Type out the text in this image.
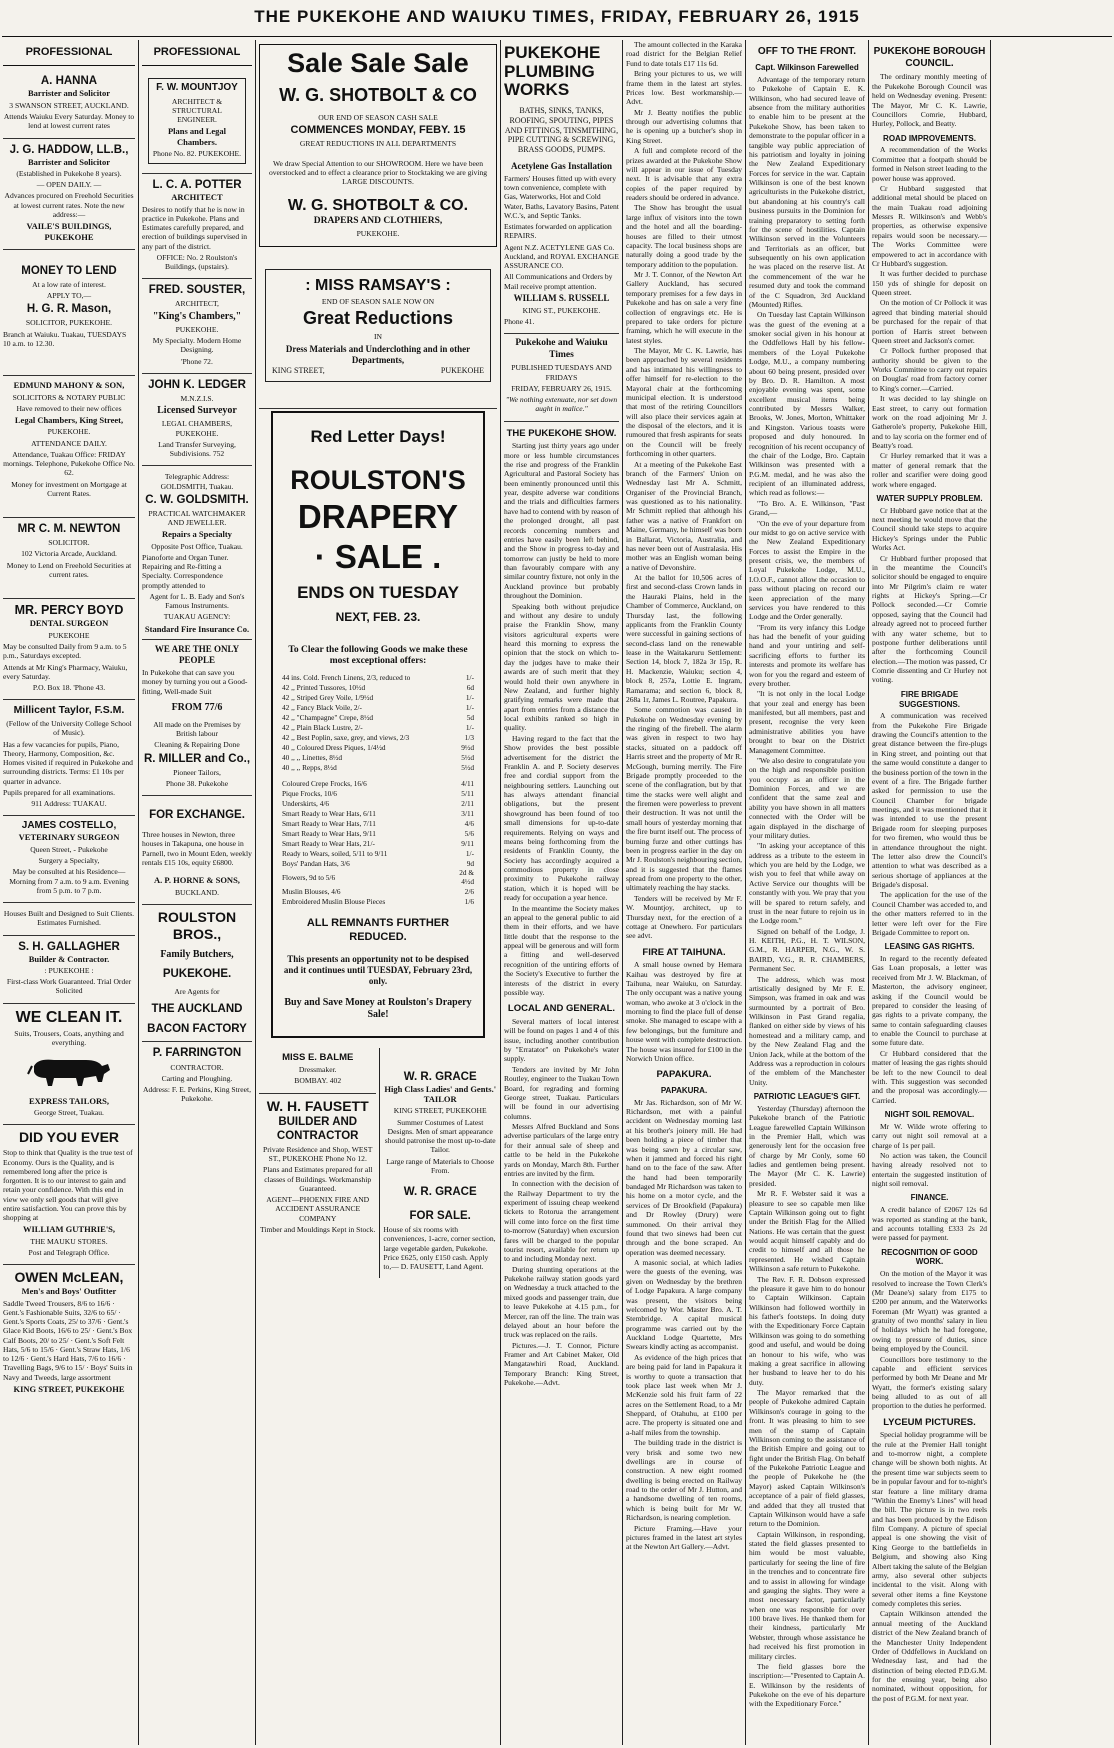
THE PUKEKOHE AND WAIUKU TIMES, FRIDAY, FEBRUARY 26, 1915
PROFESSIONAL
A. HANNA
Barrister and Solicitor

3 SWANSON STREET, AUCKLAND.

Attends Waiuku Every Saturday. Money to lend at lowest current rates

J. G. HADDOW, LL.B.,
Barrister and Solicitor

(Established in Pukekohe 8 years).

— OPEN DAILY. —

Advances procured on Freehold Securities at lowest current rates. Note the new address:—

VAILE'S BUILDINGS, PUKEKOHE

MONEY TO LEND

At a low rate of interest.

APPLY TO,—

H. G. R. Mason,

SOLICITOR, PUKEKOHE.

Branch at Waiuku. Tuakau, TUESDAYS 10 a.m. to 12.30.

EDMUND MAHONY & SON,

SOLICITORS & NOTARY PUBLIC

Have removed to their new offices

Legal Chambers, King Street,

PUKEKOHE.

ATTENDANCE DAILY.

Attendance, Tuakau Office: FRIDAY mornings. Telephone, Pukekohe Office No. 62.

Money for investment on Mortgage at Current Rates.

MR C. M. NEWTON

SOLICITOR.

102 Victoria Arcade, Auckland.

Money to Lend on Freehold Securities at current rates.

MR. PERCY BOYD
DENTAL SURGEON

PUKEKOHE

May be consulted Daily from 9 a.m. to 5 p.m., Saturdays excepted.

Attends at Mr King's Pharmacy, Waiuku, every Saturday.

P.O. Box 18. 'Phone 43.

Millicent Taylor, F.S.M.

(Fellow of the University College School of Music).

Has a few vacancies for pupils, Piano, Theory, Harmony, Composition, &c. Homes visited if required in Pukekohe and surrounding districts. Terms: £1 10s per quarter in advance.

Pupils prepared for all examinations.

911 Address: TUAKAU.

JAMES COSTELLO,
VETERINARY SURGEON

Queen Street, - Pukekohe

Surgery a Specialty,

May be consulted at his Residence— Morning from 7 a.m. to 9 a.m. Evening from 5 p.m. to 7 p.m.

Houses Built and Designed to Suit Clients. Estimates Furnished.

S. H. GALLAGHER
Builder & Contractor.

: PUKEKOHE :

First-class Work Guaranteed. Trial Order Solicited

WE CLEAN IT.

Suits, Trousers, Coats, anything and everything.

EXPRESS TAILORS,

George Street, Tuakau.

DID YOU EVER

Stop to think that Quality is the true test of Economy. Ours is the Quality, and is remembered long after the price is forgotten. It is to our interest to gain and retain your confidence. With this end in view we only sell goods that will give entire satisfaction. You can prove this by shopping at

WILLIAM GUTHRIE'S,

THE MAUKU STORES.

Post and Telegraph Office.

OWEN McLEAN,
Men's and Boys' Outfitter

Saddle Tweed Trousers, 8/6 to 16/6 · Gent.'s Fashionable Suits, 32/6 to 65/ · Gent.'s Sports Coats, 25/ to 37/6 · Gent.'s Glace Kid Boots, 16/6 to 25/ · Gent.'s Box Calf Boots, 20/ to 25/ · Gent.'s Soft Felt Hats, 5/6 to 15/6 · Gent.'s Straw Hats, 1/6 to 12/6 · Gent.'s Hard Hats, 7/6 to 16/6 · Travelling Bags, 9/6 to 15/ · Boys' Suits in Navy and Tweeds, large assortment

KING STREET, PUKEKOHE
PROFESSIONAL
F. W. MOUNTJOY

ARCHITECT & STRUCTURAL ENGINEER.

Plans and Legal Chambers.

Phone No. 82. PUKEKOHE.

L. C. A. POTTER
ARCHITECT

Desires to notify that he is now in practice in Pukekohe. Plans and Estimates carefully prepared, and erection of buildings supervised in any part of the district.

OFFICE: No. 2 Roulston's Buildings, (upstairs).

FRED. SOUSTER,

ARCHITECT,

"King's Chambers,"

PUKEKOHE.

My Specialty. Modern Home Designing.

'Phone 72.

JOHN K. LEDGER

M.N.Z.I.S.

Licensed Surveyor

LEGAL CHAMBERS, PUKEKOHE.

Land Transfer Surveying, Subdivisions. 752

Telegraphic Address: GOLDSMITH, Tuakau.

C. W. GOLDSMITH.

PRACTICAL WATCHMAKER AND JEWELLER.

Repairs a Specialty

Opposite Post Office, Tuakau.

Pianoforte and Organ Tuner. Repairing and Re-fitting a Specialty. Correspondence promptly attended to

Agent for L. B. Eady and Son's Famous Instruments.

TUAKAU AGENCY:

Standard Fire Insurance Co.
WE ARE THE ONLY PEOPLE

In Pukekohe that can save you money by turning you out a Good-fitting, Well-made Suit

FROM 77/6

All made on the Premises by British labour

Cleaning & Repairing Done

R. MILLER and Co.,

Pioneer Tailors,

Phone 38. Pukekohe

FOR EXCHANGE.

Three houses in Newton, three houses in Takapuna, one house in Parnell, two in Mount Eden, weekly rentals £15 10s, equity £6800.

A. P. HORNE & SONS,

BUCKLAND.

ROULSTON BROS.,
Family Butchers,
PUKEKOHE.

Are Agents for

THE AUCKLAND
BACON FACTORY
P. FARRINGTON

CONTRACTOR.

Carting and Ploughing.

Address: F. E. Perkins, King Street, Pukekohe.

Sale Sale Sale
W. G. SHOTBOLT & CO

OUR END OF SEASON CASH SALE

COMMENCES MONDAY, FEBY. 15

GREAT REDUCTIONS IN ALL DEPARTMENTS

We draw Special Attention to our SHOWROOM. Here we have been overstocked and to effect a clearance prior to Stocktaking we are giving LARGE DISCOUNTS.

W. G. SHOTBOLT & CO.
DRAPERS AND CLOTHIERS,

PUKEKOHE.

: MISS RAMSAY'S :

END OF SEASON SALE NOW ON

Great Reductions

IN

Dress Materials and Underclothing and in other Departments,
KING STREET,	PUKEKOHE
Red Letter Days!
ROULSTON'S
DRAPERY
· SALE .
ENDS ON TUESDAY
NEXT, FEB. 23.
To Clear the following Goods we make these most exceptional offers:
44 ins. Cold. French Linens, 2/3, reduced to	1/-
42 ,, Printed Tussores, 10½d	6d
42 ,, Striped Grey Voile, 1/9½d	1/-
42 ,, Fancy Black Voile, 2/-	1/-
42 ,, "Champagne" Crepe, 8½d	5d
42 ,, Plain Black Lustre, 2/-	1/-
42 ,, Best Poplin, saxe, grey, and views, 2/3	1/3
40 ,, Coloured Dress Piques, 1/4½d	9½d
40 ,, ,, Linettes, 8½d	5½d
40 ,, ,, Repps, 8½d	5½d

Coloured Crepe Frocks, 16/6	4/11
Pique Frocks, 10/6	5/11
Underskirts, 4/6	2/11
Smart Ready to Wear Hats, 6/11	3/11
Smart Ready to Wear Hats, 7/11	4/6
Smart Ready to Wear Hats, 9/11	5/6
Smart Ready to Wear Hats, 21/-	9/11
Ready to Wears, soiled, 5/11 to 9/11	1/-
Boys' Pandan Hats, 3/6	9d
Flowers, 9d to 5/6	2d & 4½d
Muslin Blouses, 4/6	2/6
Embroidered Muslin Blouse Pieces	1/6
ALL REMNANTS FURTHER REDUCED.
This presents an opportunity not to be despised and it continues until TUESDAY, February 23rd, only.
Buy and Save Money at Roulston's Drapery Sale!
MISS E. BALME

Dressmaker.

BOMBAY. 402

W. H. FAUSETT
BUILDER AND CONTRACTOR

Private Residence and Shop, WEST ST., PUKEKOHE Phone No 12.

Plans and Estimates prepared for all classes of Buildings. Workmanship Guaranteed.

AGENT—PHOENIX FIRE AND ACCIDENT ASSURANCE COMPANY

Timber and Mouldings Kept in Stock.

W. R. GRACE
High Class Ladies' and Gents.' TAILOR

KING STREET, PUKEKOHE

Summer Costumes of Latest Designs. Men of smart appearance should patronise the most up-to-date Tailor.

Large range of Materials to Choose From.

W. R. GRACE
FOR SALE.

House of six rooms with conveniences, 1-acre, corner section, large vegetable garden, Pukekohe. Price £625, only £150 cash. Apply to,— D. FAUSETT, Land Agent.

PUKEKOHE PLUMBING WORKS

BATHS, SINKS, TANKS, ROOFING, SPOUTING, PIPES AND FITTINGS, TINSMITHING, PIPE CUTTING & SCREWING, BRASS GOODS, PUMPS.

Acetylene Gas Installation

Farmers' Houses fitted up with every town convenience, complete with Gas, Waterworks, Hot and Cold Water, Baths, Lavatory Basins, Patent W.C.'s, and Septic Tanks.

Estimates forwarded on application REPAIRS.

Agent N.Z. ACETYLENE GAS Co. Auckland, and ROYAL EXCHANGE ASSURANCE CO.

All Communications and Orders by Mail receive prompt attention.

WILLIAM S. RUSSELL

KING ST., PUKEKOHE.

Phone 41.

Pukekohe and Waiuku Times

PUBLISHED TUESDAYS AND FRIDAYS

FRIDAY, FEBRUARY 26, 1915.

"We nothing extenuate, nor set down aught in malice."

THE PUKEKOHE SHOW.

Starting just thirty years ago under more or less humble circumstances the rise and progress of the Franklin Agricultural and Pastoral Society has been eminently pronounced until this year, despite adverse war conditions and the trials and difficulties farmers have had to contend with by reason of the prolonged drought, all past records concerning numbers and entries have easily been left behind, and the Show in progress to-day and tomorrow can justly be held to more than favourably compare with any similar country fixture, not only in the Auckland province but probably throughout the Dominion.

Speaking both without prejudice and without any desire to unduly praise the Franklin Show, many visitors agricultural experts were heard this morning to express the opinion that the stock on which to-day the judges have to make their awards are of such merit that they would hold their own anywhere in New Zealand, and further highly gratifying remarks were made that apart from entries from a distance the local exhibits ranked so high in quality.

Having regard to the fact that the Show provides the best possible advertisement for the district the Franklin A. and P. Society deserves free and cordial support from the neighbouring settlers. Launching out has always attendant financial obligations, but the present showground has been found of too small dimensions for up-to-date requirements. Relying on ways and means being forthcoming from the residents of Franklin County, the Society has accordingly acquired a commodious property in close proximity to Pukekohe railway station, which it is hoped will be ready for occupation a year hence.

In the meantime the Society makes an appeal to the general public to aid them in their efforts, and we have little doubt that the response to the appeal will be generous and will form a fitting and well-deserved recognition of the untiring efforts of the Society's Executive to further the interests of the district in every possible way.

LOCAL AND GENERAL.

Several matters of local interest will be found on pages 1 and 4 of this issue, including another contribution by "Erratator" on Pukekohe's water supply.

Tenders are invited by Mr John Routley, engineer to the Tuakau Town Board, for regrading and forming George street, Tuakau. Particulars will be found in our advertising columns.

Messrs Alfred Buckland and Sons advertise particulars of the large entry for their annual sale of sheep and cattle to be held in the Pukekohe yards on Monday, March 8th. Further entries are invited by the firm.

In connection with the decision of the Railway Department to try the experiment of issuing cheap weekend tickets to Rotorua the arrangement will come into force on the first time to-morrow (Saturday) when excursion fares will be charged to the popular tourist resort, available for return up to and including Monday next.

During shunting operations at the Pukekohe railway station goods yard on Wednesday a truck attached to the mixed goods and passenger train, due to leave Pukekohe at 4.15 p.m., for Mercer, ran off the line. The train was delayed about an hour before the truck was replaced on the rails.

Pictures.—J. T. Connor, Picture Framer and Art Cabinet Maker, Old Mangatawhiri Road, Auckland. Temporary Branch: King Street, Pukekohe.—Advt.

The amount collected in the Karaka road district for the Belgian Relief Fund to date totals £17 11s 6d.

Bring your pictures to us, we will frame them in the latest art styles. Prices low. Best workmanship.—Advt.

Mr J. Beatty notifies the public through our advertising columns that he is opening up a butcher's shop in King Street.

A full and complete record of the prizes awarded at the Pukekohe Show will appear in our issue of Tuesday next. It is advisable that any extra copies of the paper required by readers should be ordered in advance.

The Show has brought the usual large influx of visitors into the town and the hotel and all the boarding-houses are filled to their utmost capacity. The local business shops are naturally doing a good trade by the temporary addition to the population.

Mr J. T. Connor, of the Newton Art Gallery Auckland, has secured temporary premises for a few days in Pukekohe and has on sale a very fine collection of engravings etc. He is prepared to take orders for picture framing, which he will execute in the latest styles.

The Mayor, Mr C. K. Lawrie, has been approached by several residents and has intimated his willingness to offer himself for re-election to the Mayoral chair at the forthcoming municipal election. It is understood that most of the retiring Councillors will also place their services again at the disposal of the electors, and it is rumoured that fresh aspirants for seats on the Council will be freely forthcoming in other quarters.

At a meeting of the Pukekohe East branch of the Farmers' Union on Wednesday last Mr A. Schmitt, Organiser of the Provincial Branch, was questioned as to his nationality. Mr Schmitt replied that although his father was a native of Frankfort on Maine, Germany, he himself was born in Ballarat, Victoria, Australia, and has never been out of Australasia. His mother was an English woman being a native of Devonshire.

At the ballot for 10,506 acres of first and second-class Crown lands in the Hauraki Plains, held in the Chamber of Commerce, Auckland, on Thursday last, the following applicants from the Franklin County were successful in gaining sections of second-class land on the renewable lease in the Waitakaruru Settlement: Section 14, block 7, 182a 3r 15p, R. H. Mackenzie, Waiuku; section 4, block 8, 257a, Lottie E. Ingram, Ramarama; and section 6, block 8, 268a 1r, James L. Routree, Papakura.

Some commotion was caused in Pukekohe on Wednesday evening by the ringing of the firebell. The alarm was given in respect to two hay stacks, situated on a paddock off Harris street and the property of Mr R. McGough, burning merrily. The Fire Brigade promptly proceeded to the scene of the conflagration, but by that time the stacks were well alight and the firemen were powerless to prevent their destruction. It was not until the small hours of yesterday morning that the fire burnt itself out. The process of burning furze and other cuttings has been in progress earlier in the day on Mr J. Roulston's neighbouring section, and it is suggested that the flames spread from one property to the other, ultimately reaching the hay stacks.

Tenders will be received by Mr F. W. Mountjoy, architect, up to Thursday next, for the erection of a cottage at Onewhero. For particulars see advt.

FIRE AT TAIHUNA.

A small house owned by Hemara Kaihau was destroyed by fire at Taihuna, near Waiuku, on Saturday. The only occupant was a native young woman, who awoke at 3 o'clock in the morning to find the place full of dense smoke. She managed to escape with a few belongings, but the furniture and house went with complete destruction. The house was insured for £100 in the Norwich Union office.

PAPAKURA.
PAPAKURA.

Mr Jas. Richardson, son of Mr W. Richardson, met with a painful accident on Wednesday morning last at his brother's joinery mill. He had been holding a piece of timber that was being sawn by a circular saw, when it jammed and forced his right hand on to the face of the saw. After the hand had been temporarily bandaged Mr Richardson was taken to his home on a motor cycle, and the services of Dr Brookfield (Papakura) and Dr Rowley (Drury) were summoned. On their arrival they found that two sinews had been cut through and the bone scraped. An operation was deemed necessary.

A masonic social, at which ladies were the guests of the evening, was given on Wednesday by the brethren of Lodge Papakura. A large company was present, the visitors being welcomed by Wor. Master Bro. A. T. Stembridge. A capital musical programme was carried out by the Auckland Lodge Quartette, Mrs Swears kindly acting as accompanist.

As evidence of the high prices that are being paid for land in Papakura it is worthy to quote a transaction that took place last week when Mr J. McKenzie sold his fruit farm of 22 acres on the Settlement Road, to a Mr Sheppard, of Otahuhu, at £100 per acre. The property is situated one and a-half miles from the township.

The building trade in the district is very brisk and some two new dwellings are in course of construction. A new eight roomed dwelling is being erected on Railway road to the order of Mr J. Hutton, and a handsome dwelling of ten rooms, which is being built for Mr W. Richardson, is nearing completion.

Picture Framing.—Have your pictures framed in the latest art styles at the Newton Art Gallery.—Advt.

OFF TO THE FRONT.
Capt. Wilkinson Farewelled

Advantage of the temporary return to Pukekohe of Captain E. K. Wilkinson, who had secured leave of absence from the military authorities to enable him to be present at the Pukekohe Show, has been taken to demonstrate to the popular officer in a tangible way public appreciation of his patriotism and loyalty in joining the New Zealand Expeditionary Forces for service in the war. Captain Wilkinson is one of the best known agriculturists in the Pukekohe district, but abandoning at his country's call business pursuits in the Dominion for training preparatory to setting forth for the scene of hostilities. Captain Wilkinson served in the Volunteers and Territorials as an officer, but subsequently on his own application he was placed on the reserve list. At the commencement of the war he resumed duty and took the command of the C Squadron, 3rd Auckland (Mounted) Rifles.

On Tuesday last Captain Wilkinson was the guest of the evening at a smoker social given in his honour at the Oddfellows Hall by his fellow-members of the Loyal Pukekohe Lodge, M.U., a company numbering about 60 being present, presided over by Bro. D. R. Hamilton. A most enjoyable evening was spent, some excellent musical items being contributed by Messrs Walker, Brooks, W. Jones, Morton, Whittaker and Kingston. Various toasts were proposed and duly honoured. In recognition of his recent occupancy of the chair of the Lodge, Bro. Captain Wilkinson was presented with a P.G.M. medal, and he was also the recipient of an illuminated address, which read as follows:—

"To Bro. A. E. Wilkinson, "Past Grand,—

"On the eve of your departure from our midst to go on active service with the New Zealand Expeditionary Forces to assist the Empire in the present crisis, we, the members of Loyal Pukekohe Lodge, M.U., I.O.O.F., cannot allow the occasion to pass without placing on record our keen appreciation of the many services you have rendered to this Lodge and the Order generally.

"From its very infancy this Lodge has had the benefit of your guiding hand and your untiring and self-sacrificing efforts to further its interests and promote its welfare has won for you the regard and esteem of every brother.

"It is not only in the local Lodge that your zeal and energy has been manifested, but all members, past and present, recognise the very keen administrative abilities you have brought to bear on the District Management Committee.

"We also desire to congratulate you on the high and responsible position you occupy as an officer in the Dominion Forces, and we are confident that the same zeal and ability you have shown in all matters connected with the Order will be again displayed in the discharge of your military duties.

"In asking your acceptance of this address as a tribute to the esteem in which you are held by the Lodge, we wish you to feel that while away on Active Service our thoughts will be constantly with you. We pray that you will be spared to return safely, and trust in the near future to rejoin us in the Lodge room."

Signed on behalf of the Lodge, J. H. KEITH, P.G., H. T. WILSON, G.M., R. HARPER, N.G., W. S. BAIRD, V.G., R. R. CHAMBERS, Permanent Sec.

The address, which was most artistically designed by Mr F. E. Simpson, was framed in oak and was surmounted by a portrait of Bro. Wilkinson in Past Grand regalia, flanked on either side by views of his homestead and a military camp, and by the New Zealand Flag and the Union Jack, while at the bottom of the Address was a reproduction in colours of the emblem of the Manchester Unity.

PATRIOTIC LEAGUE'S GIFT.

Yesterday (Thursday) afternoon the Pukekohe branch of the Patriotic League farewelled Captain Wilkinson in the Premier Hall, which was generously lent for the occasion free of charge by Mr Conly, some 60 ladies and gentlemen being present. The Mayor (Mr C. K. Lawrie) presided.

Mr R. F. Webster said it was a pleasure to see so capable men like Captain Wilkinson going out to fight under the British Flag for the Allied Nations. He was certain that the guest would acquit himself capably and do credit to himself and all those he represented. He wished Captain Wilkinson a safe return to Pukekohe.

The Rev. F. R. Dobson expressed the pleasure it gave him to do honour to Captain Wilkinson. Captain Wilkinson had followed worthily in his father's footsteps. In doing duty with the Expeditionary Force Captain Wilkinson was going to do something good and useful, and would be doing an honour to his wife, who was making a great sacrifice in allowing her husband to leave her to do his duty.

The Mayor remarked that the people of Pukekohe admired Captain Wilkinson's courage in going to the front. It was pleasing to him to see men of the stamp of Captain Wilkinson coming to the assistance of the British Empire and going out to fight under the British Flag. On behalf of the Pukekohe Patriotic League and the people of Pukekohe he (the Mayor) asked Captain Wilkinson's acceptance of a pair of field glasses, and added that they all trusted that Captain Wilkinson would have a safe return to the Dominion.

Captain Wilkinson, in responding, stated the field glasses presented to him would be most valuable, particularly for seeing the line of fire in the trenches and to concentrate fire and to assist in allowing for windage and gauging the sights. They were a most necessary factor, particularly when one was responsible for over 100 brave lives. He thanked them for their kindness, particularly Mr Webster, through whose assistance he had received his first promotion in military circles.

The field glasses bore the inscription:—"Presented to Captain A. E. Wilkinson by the residents of Pukekohe on the eve of his departure with the Expeditionary Force."

PUKEKOHE BOROUGH COUNCIL.

The ordinary monthly meeting of the Pukekohe Borough Council was held on Wednesday evening. Present: The Mayor, Mr C. K. Lawrie, Councillors Comrie, Hubbard, Hurley, Pollock, and Beatty.

ROAD IMPROVEMENTS.

A recommendation of the Works Committee that a footpath should be formed in Nelson street leading to the power house was approved.

Cr Hubbard suggested that additional metal should be placed on the main Tuakau road adjoining Messrs R. Wilkinson's and Webb's properties, as otherwise expensive repairs would soon be necessary.—The Works Committee were empowered to act in accordance with Cr Hubbard's suggestion.

It was further decided to purchase 150 yds of shingle for deposit on Queen street.

On the motion of Cr Pollock it was agreed that binding material should be purchased for the repair of that portion of Harris street between Queen street and Jackson's corner.

Cr Pollock further proposed that authority should be given to the Works Committee to carry out repairs on Douglas' road from factory corner to King's corner.—Carried.

It was decided to lay shingle on East street, to carry out formation work on the road adjoining Mr J. Gatherole's property, Pukekohe Hill, and to lay scoria on the former end of Beatty's road.

Cr Hurley remarked that it was a matter of general remark that the roller and scarifier were doing good work where engaged.

WATER SUPPLY PROBLEM.

Cr Hubbard gave notice that at the next meeting he would move that the Council should take steps to acquire Hickey's Springs under the Public Works Act.

Cr Hubbard further proposed that in the meantime the Council's solicitor should be engaged to enquire into Mr Pilgrim's claim re water rights at Hickey's Spring.—Cr Pollock seconded.—Cr Comrie opposed, saying that the Council had already agreed not to proceed further with any water scheme, but to postpone further deliberations until after the forthcoming Council election.—The motion was passed, Cr Comrie dissenting and Cr Hurley not voting.

FIRE BRIGADE SUGGESTIONS.

A communication was received from the Pukekohe Fire Brigade drawing the Council's attention to the great distance between the fire-plugs in King street, and pointing out that the same would constitute a danger to the business portion of the town in the event of a fire. The Brigade further asked for permission to use the Council Chamber for brigade meetings, and it was mentioned that it was intended to use the present Brigade room for sleeping purposes for two firemen, who would thus be in attendance throughout the night. The letter also drew the Council's attention to what was described as a serious shortage of appliances at the Brigade's disposal.

The application for the use of the Council Chamber was acceded to, and the other matters referred to in the letter were left over for the Fire Brigade Committee to report on.

LEASING GAS RIGHTS.

In regard to the recently defeated Gas Loan proposals, a letter was received from Mr J. W. Blackman, of Masterton, the advisory engineer, asking if the Council would be prepared to consider the leasing of gas rights to a private company, the same to contain safeguarding clauses to enable the Council to purchase at some future date.

Cr Hubbard considered that the matter of leasing the gas rights should be left to the new Council to deal with. This suggestion was seconded and the proposal was accordingly.—Carried.

NIGHT SOIL REMOVAL.

Mr W. Wilde wrote offering to carry out night soil removal at a charge of 1s per pail.

No action was taken, the Council having already resolved not to entertain the suggested institution of night soil removal.

FINANCE.

A credit balance of £2067 12s 6d was reported as standing at the bank, and accounts totalling £333 2s 2d were passed for payment.

RECOGNITION OF GOOD WORK.

On the motion of the Mayor it was resolved to increase the Town Clerk's (Mr Deane's) salary from £175 to £200 per annum, and the Waterworks Foreman (Mr Wyatt) was granted a gratuity of two months' salary in lieu of holidays which he had foregone, owing to pressure of duties, since being employed by the Council.

Councillors bore testimony to the capable and efficient services performed by both Mr Deane and Mr Wyatt, the former's existing salary being alluded to as out of all proportion to the duties he performed.

LYCEUM PICTURES.

Special holiday programme will be the rule at the Premier Hall tonight and to-morrow night, a complete change will be shown both nights. At the present time war subjects seem to be in popular favour and for to-night's star feature a line military drama "Within the Enemy's Lines" will head the bill. The picture is in two reels and has been produced by the Edison film Company. A picture of special appeal is one showing the visit of King George to the battlefields in Belgium, and showing also King Albert taking the salute of the Belgian army, also several other subjects incidental to the visit. Along with several other items a fine Keystone comedy completes this series.

Captain Wilkinson attended the annual meeting of the Auckland district of the New Zealand branch of the Manchester Unity Independent Order of Oddfellows in Auckland on Wednesday last, and had the distinction of being elected P.D.G.M. for the ensuing year, being also nominated, without opposition, for the post of P.G.M. for next year.
